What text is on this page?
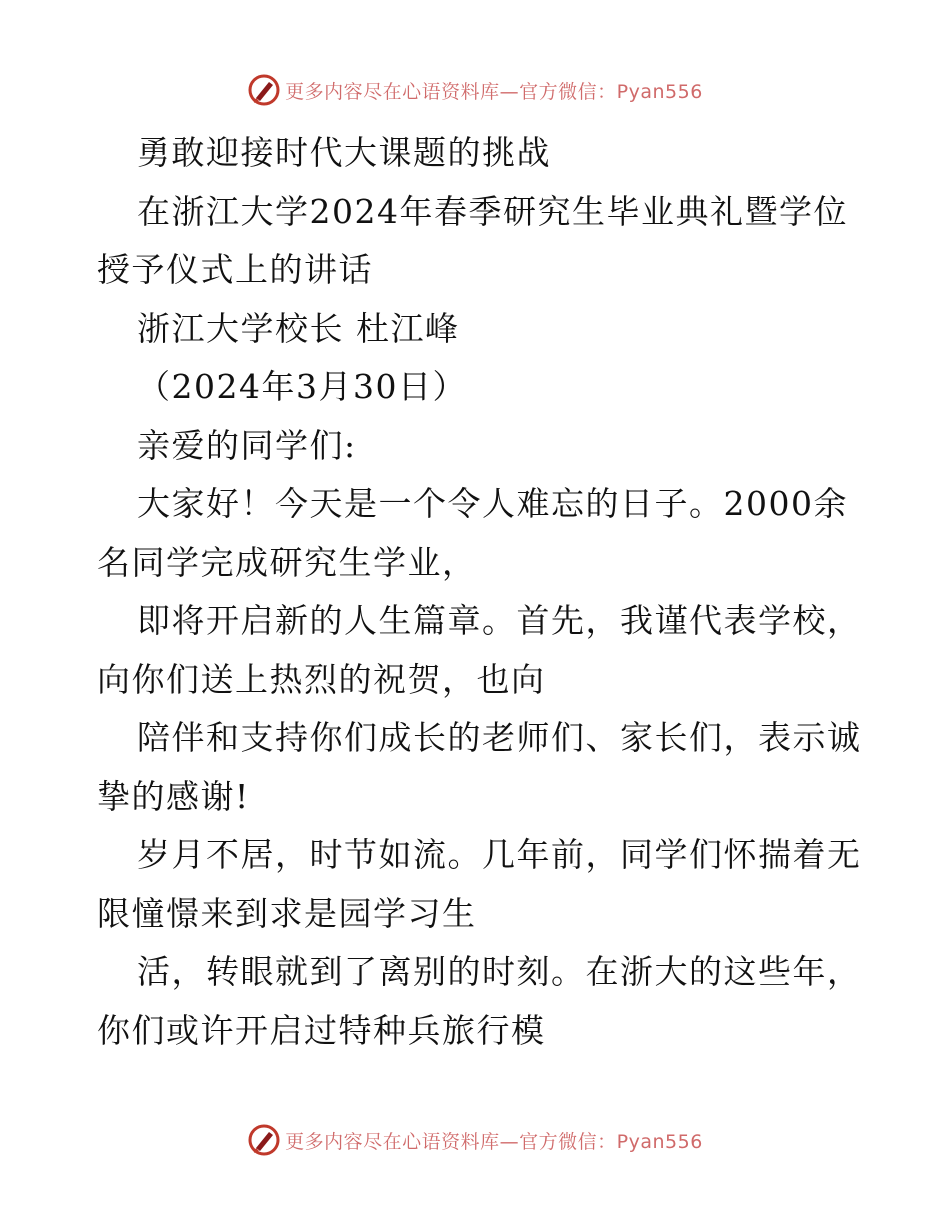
更多内容尽在心语资料库—官方微信：Pyan556
勇敢迎接时代大课题的挑战
在浙江大学2024年春季研究生毕业典礼暨学位
授予仪式上的讲话
浙江大学校长 杜江峰
（2024年3月30日）
亲爱的同学们:
大家好！今天是一个令人难忘的日子。2000余
名同学完成研究生学业，
即将开启新的人生篇章。首先，我谨代表学校，
向你们送上热烈的祝贺，也向
陪伴和支持你们成长的老师们、家长们，表示诚
挚的感谢!
岁月不居，时节如流。几年前，同学们怀揣着无
限憧憬来到求是园学习生
活，转眼就到了离别的时刻。在浙大的这些年，
你们或许开启过特种兵旅行模
更多内容尽在心语资料库—官方微信：Pyan556
